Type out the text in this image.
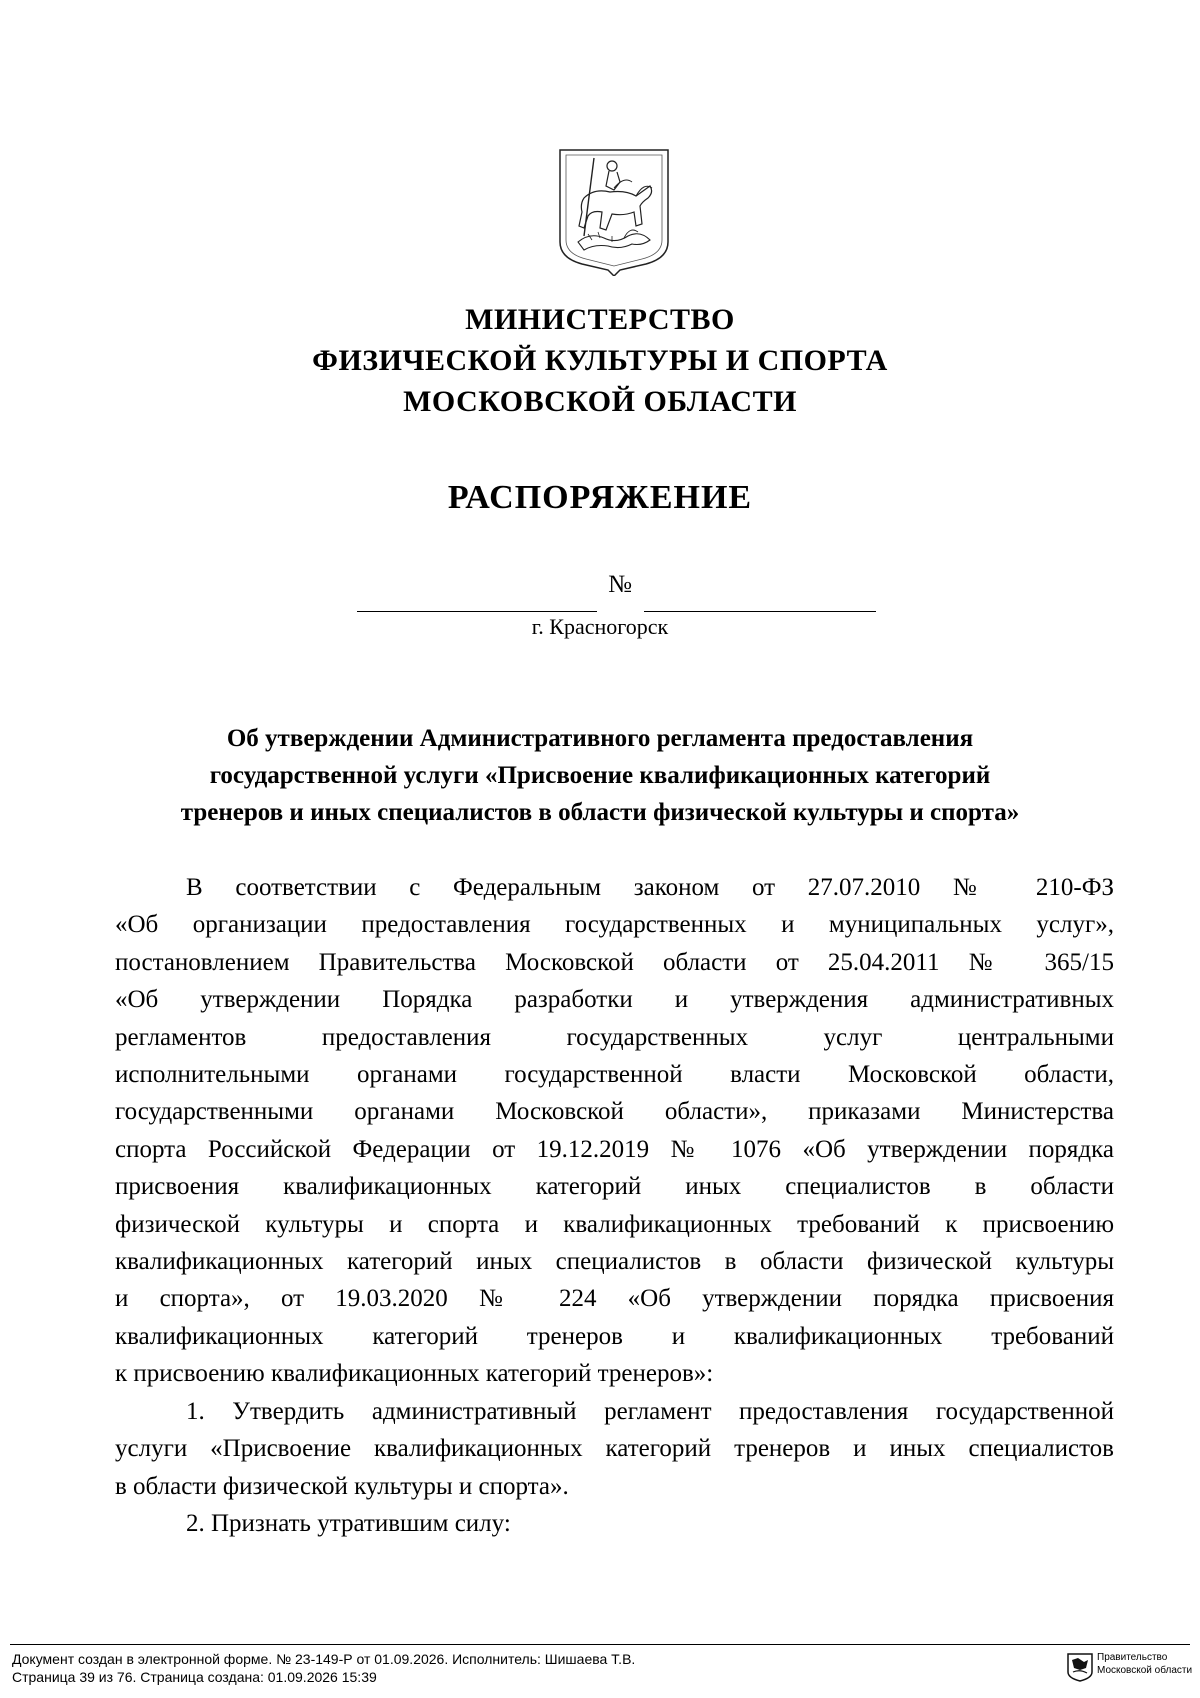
МИНИСТЕРСТВО
ФИЗИЧЕСКОЙ КУЛЬТУРЫ И СПОРТА
МОСКОВСКОЙ ОБЛАСТИ
РАСПОРЯЖЕНИЕ
№
г. Красногорск
Об утверждении Административного регламента предоставления
государственной услуги «Присвоение квалификационных категорий
тренеров и иных специалистов в области физической культуры и спорта»
В соответствии с Федеральным законом от 27.07.2010 № 210-ФЗ
«Об организации предоставления государственных и муниципальных услуг»,
постановлением Правительства Московской области от 25.04.2011 № 365/15
«Об утверждении Порядка разработки и утверждения административных
регламентов предоставления государственных услуг центральными
исполнительными органами государственной власти Московской области,
государственными органами Московской области», приказами Министерства
спорта Российской Федерации от 19.12.2019 № 1076 «Об утверждении порядка
присвоения квалификационных категорий иных специалистов в области
физической культуры и спорта и квалификационных требований к присвоению
квалификационных категорий иных специалистов в области физической культуры
и спорта», от 19.03.2020 № 224 «Об утверждении порядка присвоения
квалификационных категорий тренеров и квалификационных требований
к присвоению квалификационных категорий тренеров»:
1. Утвердить административный регламент предоставления государственной
услуги «Присвоение квалификационных категорий тренеров и иных специалистов
в области физической культуры и спорта».
2. Признать утратившим силу:
Документ создан в электронной форме. № 23-149-Р от 01.09.2026. Исполнитель: Шишаева Т.В.
Страница 39 из 76. Страница создана: 01.09.2026 15:39
Правительство
Московской области
